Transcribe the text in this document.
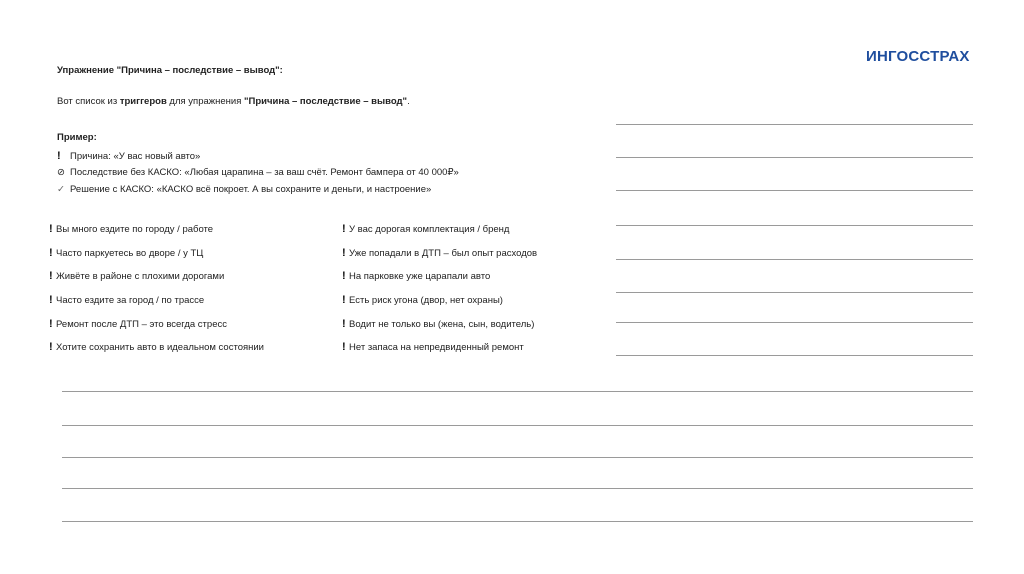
ИНГОССТРАХ
Упражнение "Причина – последствие – вывод":
Вот список из триггеров для упражнения "Причина – последствие – вывод".
Пример:
! Причина: «У вас новый авто»
⊘ Последствие без КАСКО: «Любая царапина – за ваш счёт. Ремонт бампера от 40 000₽»
✓ Решение с КАСКО: «КАСКО всё покроет. А вы сохраните и деньги, и настроение»
! Вы много ездите по городу / работе
! Часто паркуетесь во дворе / у ТЦ
! Живёте в районе с плохими дорогами
! Часто ездите за город / по трассе
! Ремонт после ДТП – это всегда стресс
! Хотите сохранить авто в идеальном состоянии
! У вас дорогая комплектация / бренд
! Уже попадали в ДТП – был опыт расходов
! На парковке уже царапали авто
! Есть риск угона (двор, нет охраны)
! Водит не только вы (жена, сын, водитель)
! Нет запаса на непредвиденный ремонт
